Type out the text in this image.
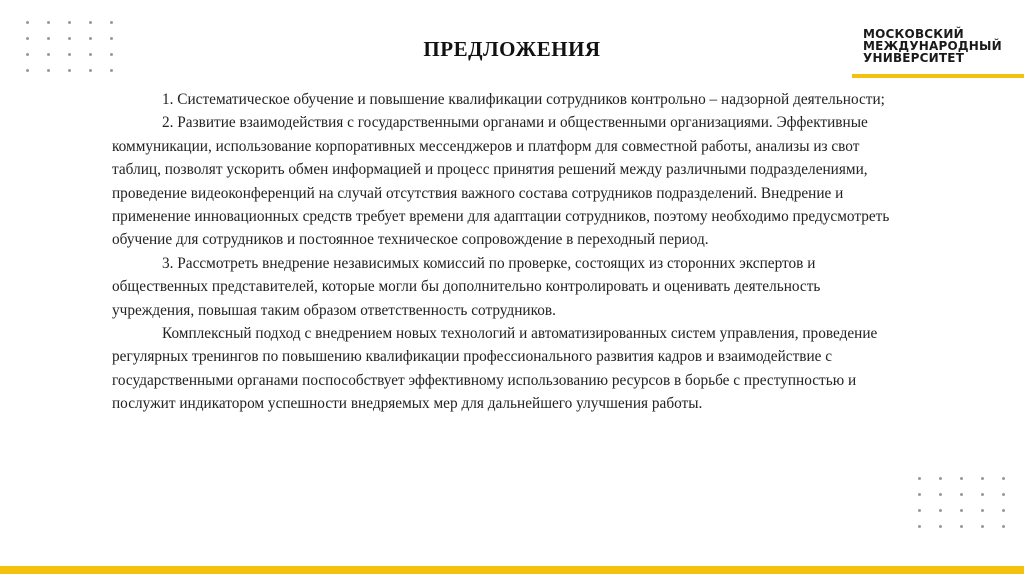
МОСКОВСКИЙ
МЕЖДУНАРОДНЫЙ
УНИВЕРСИТЕТ
ПРЕДЛОЖЕНИЯ

1. Систематическое обучение и повышение квалификации сотрудников контрольно – надзорной деятельности;

2. Развитие взаимодействия с государственными органами и общественными организациями. Эффективные коммуникации, использование корпоративных мессенджеров и платформ для совместной работы, анализы из свот таблиц, позволят ускорить обмен информацией и процесс принятия решений между различными подразделениями, проведение видеоконференций на случай отсутствия важного состава сотрудников подразделений. Внедрение и применение инновационных средств требует времени для адаптации сотрудников, поэтому необходимо предусмотреть обучение для сотрудников и постоянное техническое сопровождение в переходный период.

3. Рассмотреть внедрение независимых комиссий по проверке, состоящих из сторонних экспертов и общественных представителей, которые могли бы дополнительно контролировать и оценивать деятельность учреждения, повышая таким образом ответственность сотрудников.

Комплексный подход с внедрением новых технологий и автоматизированных систем управления, проведение регулярных тренингов по повышению квалификации профессионального развития кадров и взаимодействие с государственными органами поспособствует эффективному использованию ресурсов в борьбе с преступностью и послужит индикатором успешности внедряемых мер для дальнейшего улучшения работы.
